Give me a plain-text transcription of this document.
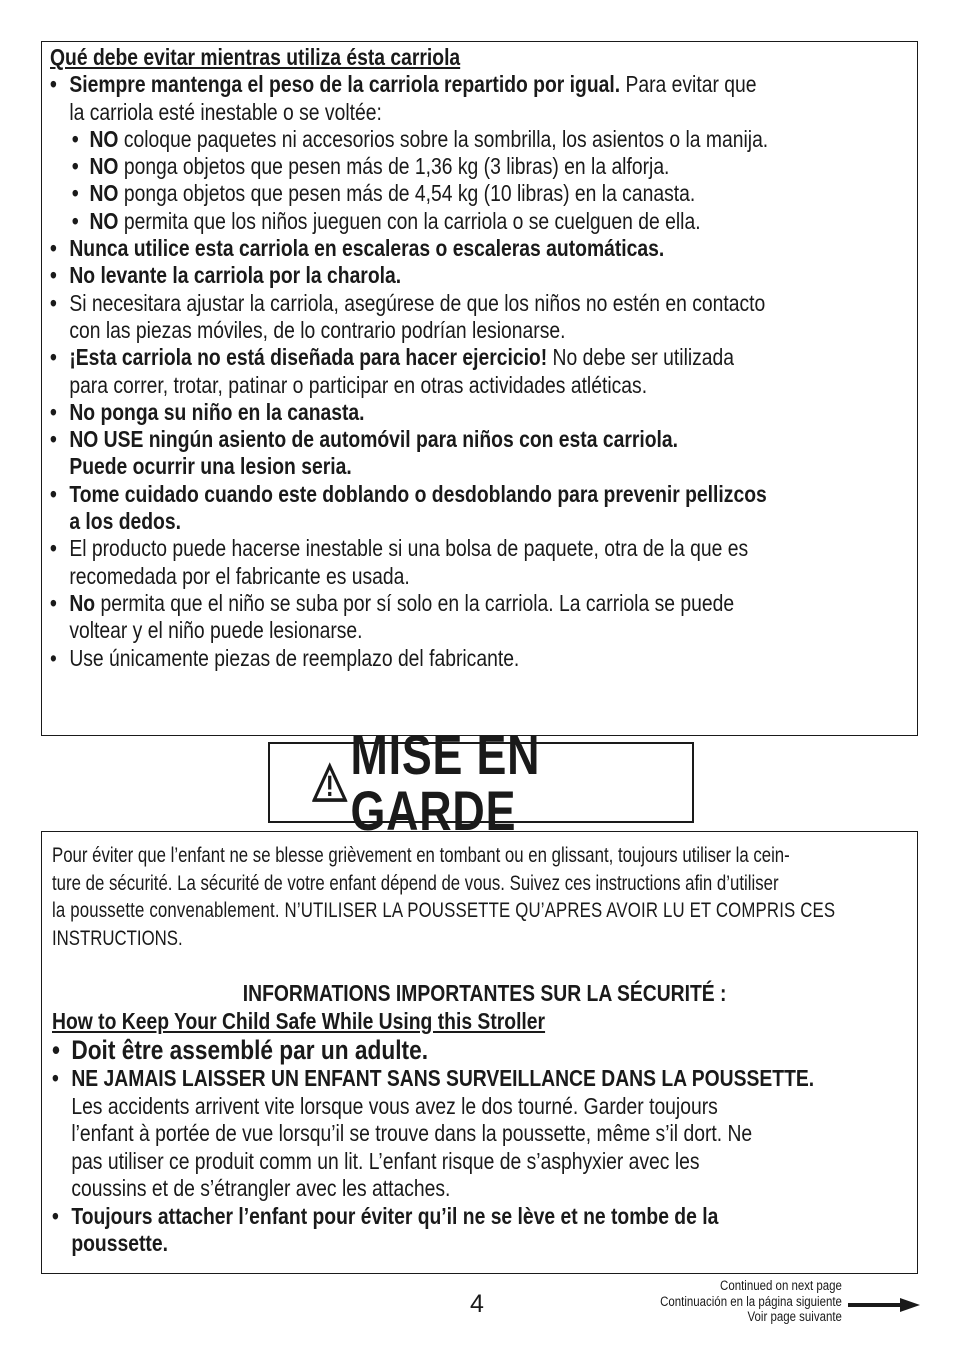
Qué debe evitar mientras utiliza ésta carriola
• Siempre mantenga el peso de la carriola repartido por igual. Para evitar que
la carriola esté inestable o se voltée:
• NO coloque paquetes ni accesorios sobre la sombrilla, los asientos o la manija.
• NO ponga objetos que pesen más de 1,36 kg (3 libras) en la alforja.
• NO ponga objetos que pesen más de 4,54 kg (10 libras) en la canasta.
• NO permita que los niños jueguen con la carriola o se cuelguen de ella.
• Nunca utilice esta carriola en escaleras o escaleras automáticas.
• No levante la carriola por la charola.
• Si necesitara ajustar la carriola, asegúrese de que los niños no estén en contacto
con las piezas móviles, de lo contrario podrían lesionarse.
• ¡Esta carriola no está diseñada para hacer ejercicio! No debe ser utilizada
para correr, trotar, patinar o participar en otras actividades atléticas.
• No ponga su niño en la canasta.
• NO USE ningún asiento de automóvil para niños con esta carriola.
Puede ocurrir una lesion seria.
• Tome cuidado cuando este doblando o desdoblando para prevenir pellizcos
a los dedos.
• El producto puede hacerse inestable si una bolsa de paquete, otra de la que es
recomedada por el fabricante es usada.
• No permita que el niño se suba por sí solo en la carriola. La carriola se puede
voltear y el niño puede lesionarse.
• Use únicamente piezas de reemplazo del fabricante.
MISE EN GARDE
Pour éviter que l’enfant ne se blesse grièvement en tombant ou en glissant, toujours utiliser la cein-
ture de sécurité. La sécurité de votre enfant dépend de vous. Suivez ces instructions afin d’utiliser
la poussette convenablement. N’UTILISER LA POUSSETTE QU’APRES AVOIR LU ET COMPRIS CES
INSTRUCTIONS.
INFORMATIONS IMPORTANTES SUR LA SÉCURITÉ :
How to Keep Your Child Safe While Using this Stroller
• Doit être assemblé par un adulte.
• NE JAMAIS LAISSER UN ENFANT SANS SURVEILLANCE DANS LA POUSSETTE.
Les accidents arrivent vite lorsque vous avez le dos tourné. Garder toujours
l’enfant à portée de vue lorsqu’il se trouve dans la poussette, même s’il dort. Ne
pas utiliser ce produit comm un lit. L’enfant risque de s’asphyxier avec les
coussins et de s’étrangler avec les attaches.
• Toujours attacher l’enfant pour éviter qu’il ne se lève et ne tombe de la
poussette.
4
Continued on next page
Continuación en la página siguiente
Voir page suivante
